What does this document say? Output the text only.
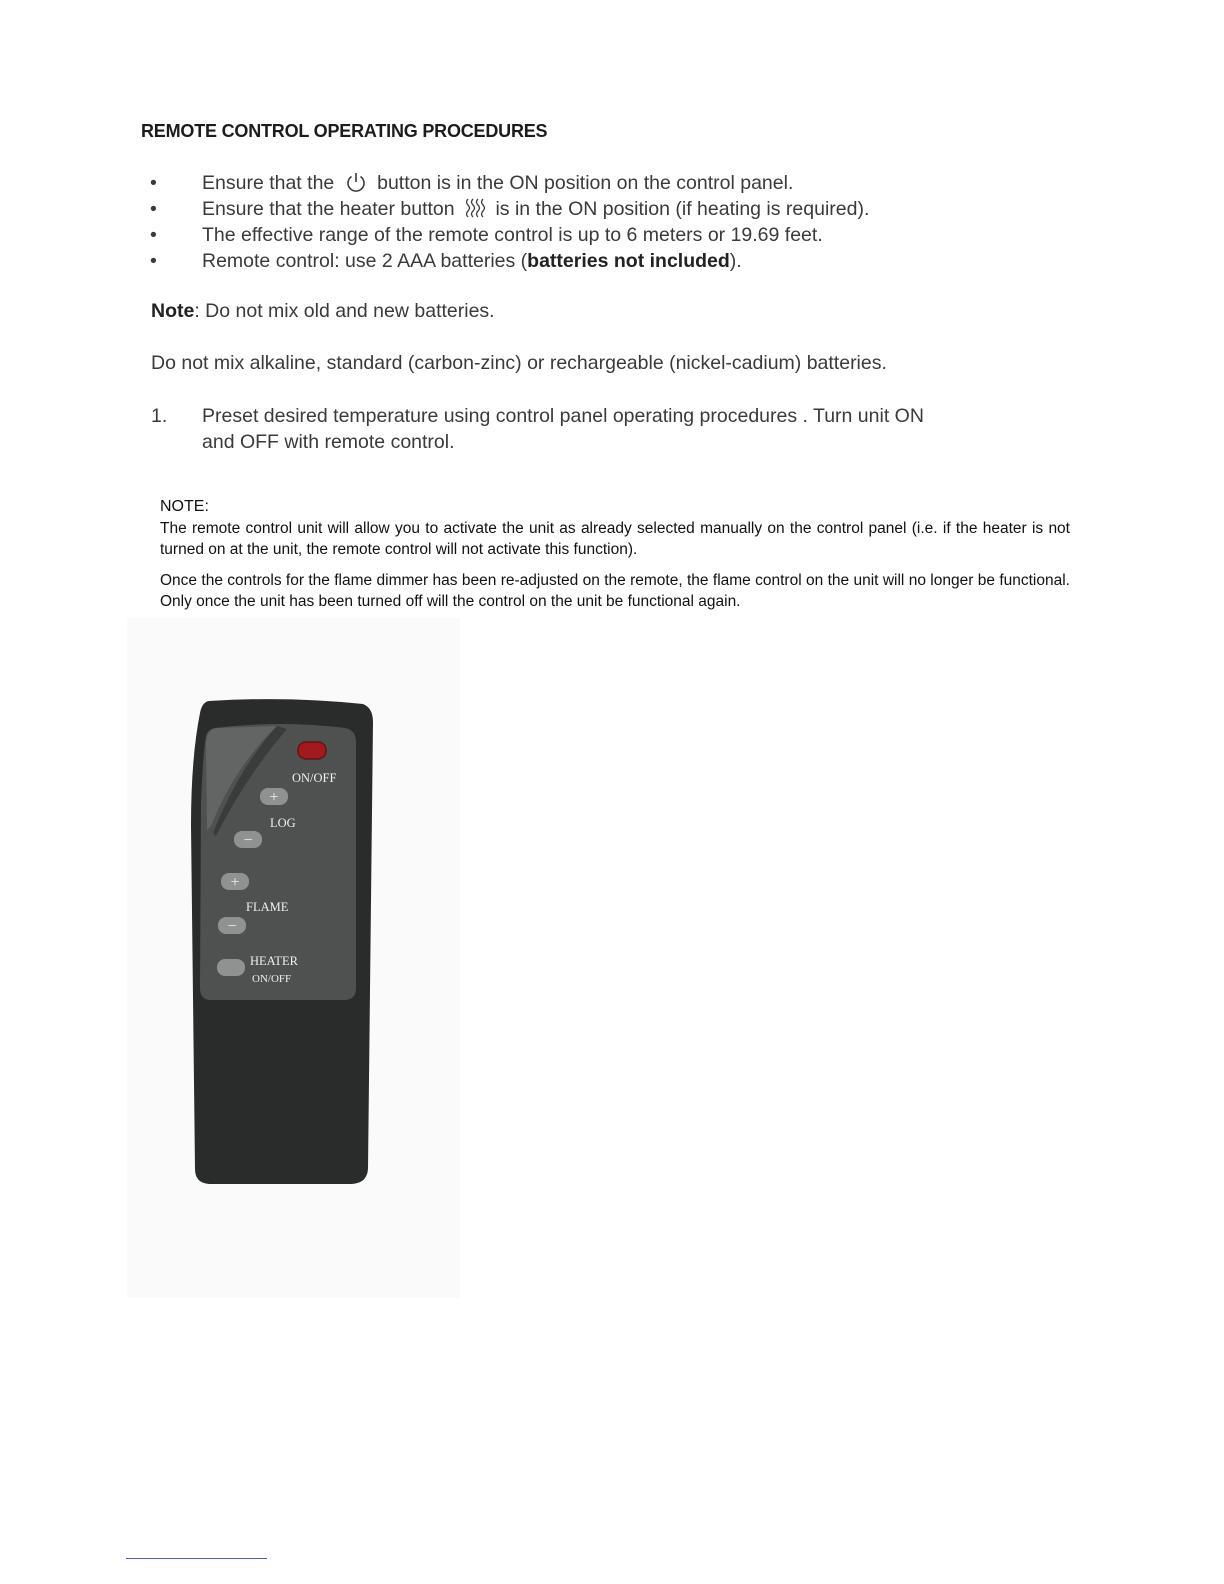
REMOTE CONTROL OPERATING PROCEDURES
• Ensure that the button is in the ON position on the control panel.
• Ensure that the heater button is in the ON position (if heating is required).
• The effective range of the remote control is up to 6 meters or 19.69 feet.
• Remote control: use 2 AAA batteries (batteries not included).
Note: Do not mix old and new batteries.
Do not mix alkaline, standard (carbon-zinc) or rechargeable (nickel-cadium) batteries.
1. Preset desired temperature using control panel operating procedures . Turn unit ON
and OFF with remote control.
NOTE:

The remote control unit will allow you to activate the unit as already selected manually on the control panel (i.e. if the heater is not turned on at the unit, the remote control will not activate this function).

Once the controls for the flame dimmer has been re-adjusted on the remote, the flame control on the unit will no longer be functional. Only once the unit has been turned off will the control on the unit be functional again.

ON/OFF
+
LOG
−
+
FLAME
−
HEATER
ON/OFF
